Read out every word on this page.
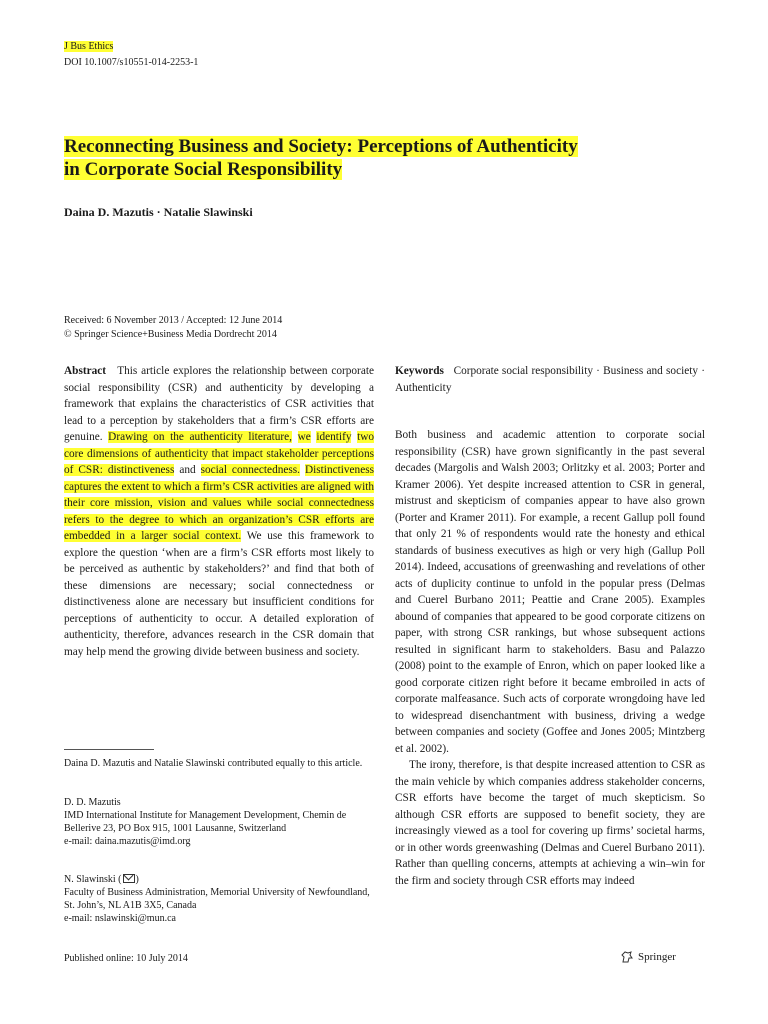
J Bus Ethics
DOI 10.1007/s10551-014-2253-1
Reconnecting Business and Society: Perceptions of Authenticity
in Corporate Social Responsibility
Daina D. Mazutis · Natalie Slawinski
Received: 6 November 2013 / Accepted: 12 June 2014
© Springer Science+Business Media Dordrecht 2014

Abstract This article explores the relationship between corporate social responsibility (CSR) and authenticity by developing a framework that explains the characteristics of CSR activities that lead to a perception by stakeholders that a firm’s CSR efforts are genuine. Drawing on the authenticity literature, we identify two core dimensions of authenticity that impact stakeholder perceptions of CSR: distinctiveness and social connectedness. Distinctiveness captures the extent to which a firm’s CSR activities are aligned with their core mission, vision and values while social connectedness refers to the degree to which an organization’s CSR efforts are embedded in a larger social context. We use this framework to explore the question ‘when are a firm’s CSR efforts most likely to be perceived as authentic by stakeholders?’ and find that both of these dimensions are necessary; social connectedness or distinctiveness alone are necessary but insufficient conditions for perceptions of authenticity to occur. A detailed exploration of authenticity, therefore, advances research in the CSR domain that may help mend the growing divide between business and society.

Daina D. Mazutis and Natalie Slawinski contributed equally to this article.
D. D. Mazutis
IMD International Institute for Management Development, Chemin de Bellerive 23, PO Box 915, 1001 Lausanne, Switzerland
e-mail: daina.mazutis@imd.org
N. Slawinski ( )
Faculty of Business Administration, Memorial University of Newfoundland, St. John’s, NL A1B 3X5, Canada
e-mail: nslawinski@mun.ca
Keywords Corporate social responsibility · Business and society · Authenticity

Both business and academic attention to corporate social responsibility (CSR) have grown significantly in the past several decades (Margolis and Walsh 2003; Orlitzky et al. 2003; Porter and Kramer 2006). Yet despite increased attention to CSR in general, mistrust and skepticism of companies appear to have also grown (Porter and Kramer 2011). For example, a recent Gallup poll found that only 21 % of respondents would rate the honesty and ethical standards of business executives as high or very high (Gallup Poll 2014). Indeed, accusations of greenwashing and revelations of other acts of duplicity continue to unfold in the popular press (Delmas and Cuerel Burbano 2011; Peattie and Crane 2005). Examples abound of companies that appeared to be good corporate citizens on paper, with strong CSR rankings, but whose subsequent actions resulted in significant harm to stakeholders. Basu and Palazzo (2008) point to the example of Enron, which on paper looked like a good corporate citizen right before it became embroiled in acts of corporate malfeasance. Such acts of corporate wrongdoing have led to widespread disenchantment with business, driving a wedge between companies and society (Goffee and Jones 2005; Mintzberg et al. 2002).

The irony, therefore, is that despite increased attention to CSR as the main vehicle by which companies address stakeholder concerns, CSR efforts have become the target of much skepticism. So although CSR efforts are supposed to benefit society, they are increasingly viewed as a tool for covering up firms’ societal harms, or in other words greenwashing (Delmas and Cuerel Burbano 2011). Rather than quelling concerns, attempts at achieving a win–win for the firm and society through CSR efforts may indeed

Published online: 10 July 2014	Springer
